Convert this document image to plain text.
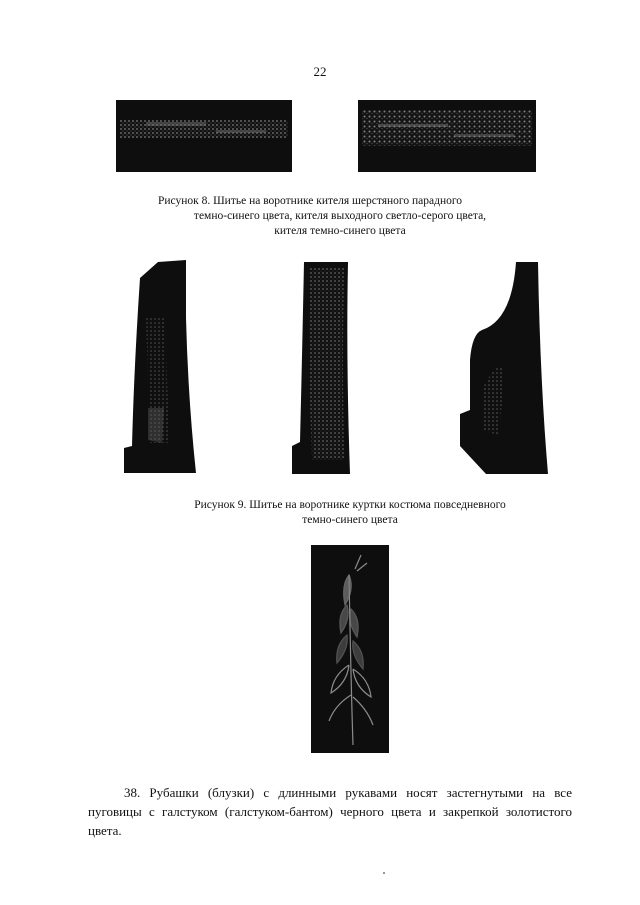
22
Рисунок 8. Шитье на воротнике кителя шерстяного парадного
темно-синего цвета, кителя выходного светло-серого цвета,
кителя темно-синего цвета
Рисунок 9. Шитье на воротнике куртки костюма повседневного
темно-синего цвета

38. Рубашки (блузки) с длинными рукавами носят застегнутыми на все пуговицы с галстуком (галстуком-бантом) черного цвета и закрепкой золотистого цвета.
